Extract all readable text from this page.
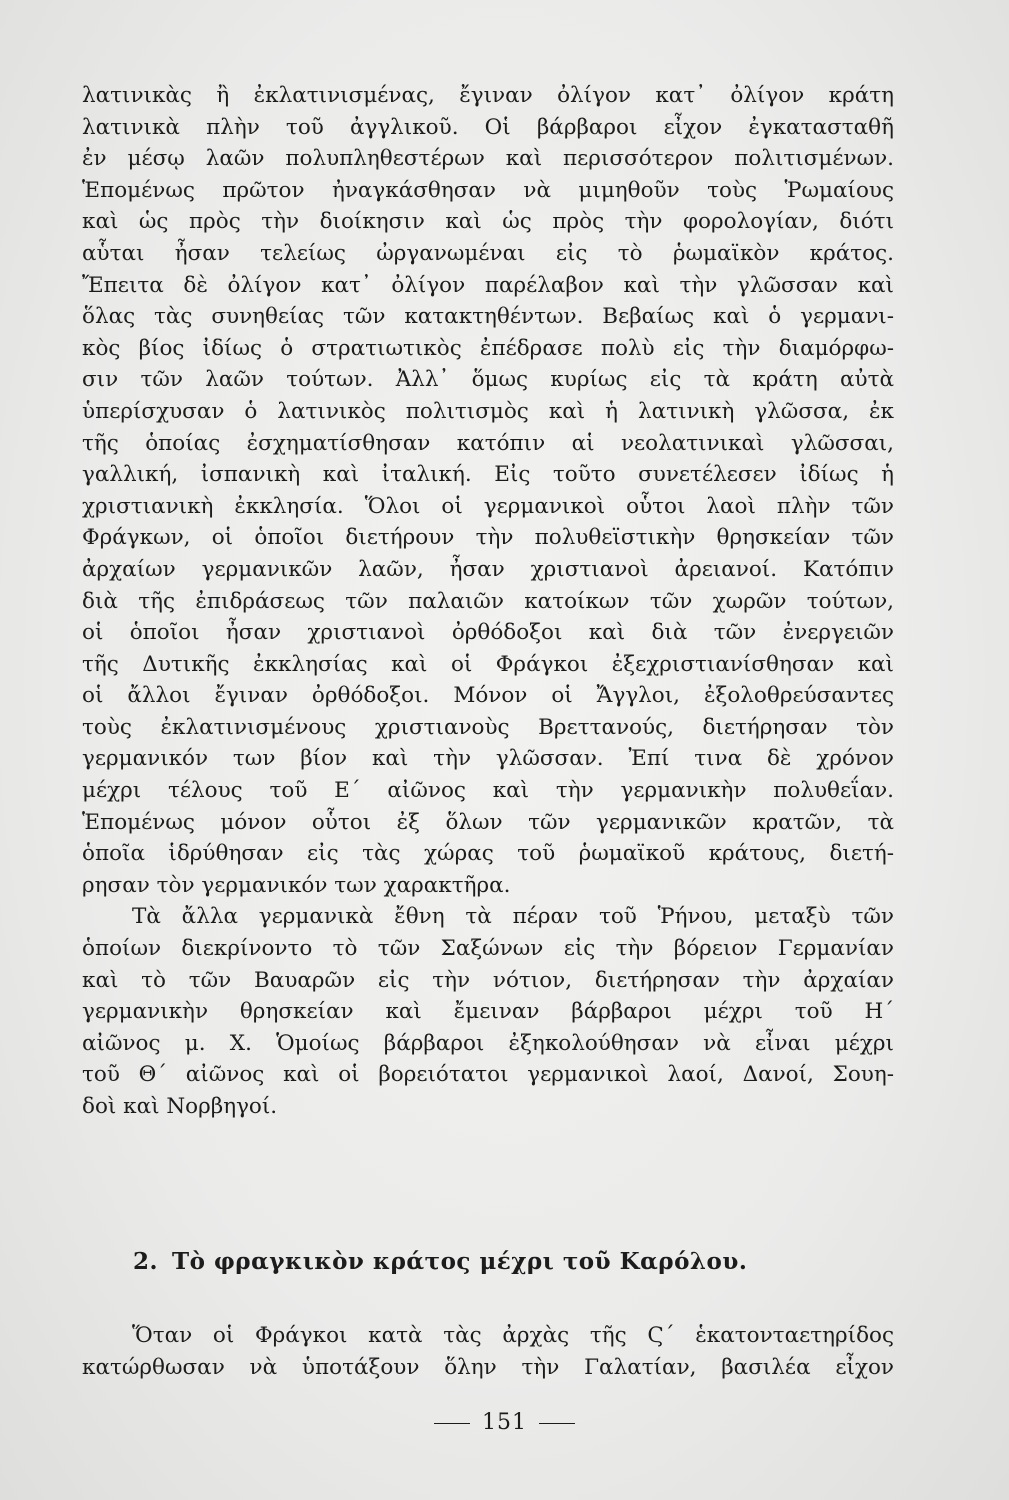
λατινικὰς ἢ ἐκλατινισμένας, ἔγιναν ὀλίγον κατ᾽ ὀλίγον κράτη
λατινικὰ πλὴν τοῦ ἀγγλικοῦ. Οἱ βάρβαροι εἶχον ἐγκατασταθῆ
ἐν μέσῳ λαῶν πολυπληθεστέρων καὶ περισσότερον πολιτισμένων.
Ἑπομένως πρῶτον ἠναγκάσθησαν νὰ μιμηθοῦν τοὺς Ῥωμαίους
καὶ ὡς πρὸς τὴν διοίκησιν καὶ ὡς πρὸς τὴν φορολογίαν, διότι
αὗται ἦσαν τελείως ὠργανωμέναι εἰς τὸ ῥωμαϊκὸν κράτος.
Ἔπειτα δὲ ὀλίγον κατ᾽ ὀλίγον παρέλαβον καὶ τὴν γλῶσσαν καὶ
ὅλας τὰς συνηθείας τῶν κατακτηθέντων. Βεβαίως καὶ ὁ γερμανι-
κὸς βίος ἰδίως ὁ στρατιωτικὸς ἐπέδρασε πολὺ εἰς τὴν διαμόρφω-
σιν τῶν λαῶν τούτων. Ἀλλ᾽ ὅμως κυρίως εἰς τὰ κράτη αὐτὰ
ὑπερίσχυσαν ὁ λατινικὸς πολιτισμὸς καὶ ἡ λατινικὴ γλῶσσα, ἐκ
τῆς ὁποίας ἐσχηματίσθησαν κατόπιν αἱ νεολατινικαὶ γλῶσσαι,
γαλλική, ἰσπανικὴ καὶ ἰταλική. Εἰς τοῦτο συνετέλεσεν ἰδίως ἡ
χριστιανικὴ ἐκκλησία. Ὅλοι οἱ γερμανικοὶ οὗτοι λαοὶ πλὴν τῶν
Φράγκων, οἱ ὁποῖοι διετήρουν τὴν πολυθεϊστικὴν θρησκείαν τῶν
ἀρχαίων γερμανικῶν λαῶν, ἦσαν χριστιανοὶ ἀρειανοί. Κατόπιν
διὰ τῆς ἐπιδράσεως τῶν παλαιῶν κατοίκων τῶν χωρῶν τούτων,
οἱ ὁποῖοι ἦσαν χριστιανοὶ ὀρθόδοξοι καὶ διὰ τῶν ἐνεργειῶν
τῆς Δυτικῆς ἐκκλησίας καὶ οἱ Φράγκοι ἐξεχριστιανίσθησαν καὶ
οἱ ἄλλοι ἔγιναν ὀρθόδοξοι. Μόνον οἱ Ἄγγλοι, ἐξολοθρεύσαντες
τοὺς ἐκλατινισμένους χριστιανοὺς Βρεττανούς, διετήρησαν τὸν
γερμανικόν των βίον καὶ τὴν γλῶσσαν. Ἐπί τινα δὲ χρόνον
μέχρι τέλους τοῦ Ε΄ αἰῶνος καὶ τὴν γερμανικὴν πολυθεΐαν.
Ἑπομένως μόνον οὗτοι ἐξ ὅλων τῶν γερμανικῶν κρατῶν, τὰ
ὁποῖα ἱδρύθησαν εἰς τὰς χώρας τοῦ ῥωμαϊκοῦ κράτους, διετή-
ρησαν τὸν γερμανικόν των χαρακτῆρα.
Τὰ ἄλλα γερμανικὰ ἔθνη τὰ πέραν τοῦ Ῥήνου, μεταξὺ τῶν
ὁποίων διεκρίνοντο τὸ τῶν Σαξώνων εἰς τὴν βόρειον Γερμανίαν
καὶ τὸ τῶν Βαυαρῶν εἰς τὴν νότιον, διετήρησαν τὴν ἀρχαίαν
γερμανικὴν θρησκείαν καὶ ἔμειναν βάρβαροι μέχρι τοῦ Η΄
αἰῶνος μ. Χ. Ὁμοίως βάρβαροι ἐξηκολούθησαν νὰ εἶναι μέχρι
τοῦ Θ΄ αἰῶνος καὶ οἱ βορειότατοι γερμανικοὶ λαοί, Δανοί, Σουη-
δοὶ καὶ Νορβηγοί.
2. Τὸ φραγκικὸν κράτος μέχρι τοῦ Καρόλου.
Ὅταν οἱ Φράγκοι κατὰ τὰς ἀρχὰς τῆς Ϛ΄ ἑκατονταετηρίδος
κατώρθωσαν νὰ ὑποτάξουν ὅλην τὴν Γαλατίαν, βασιλέα εἶχον
151
